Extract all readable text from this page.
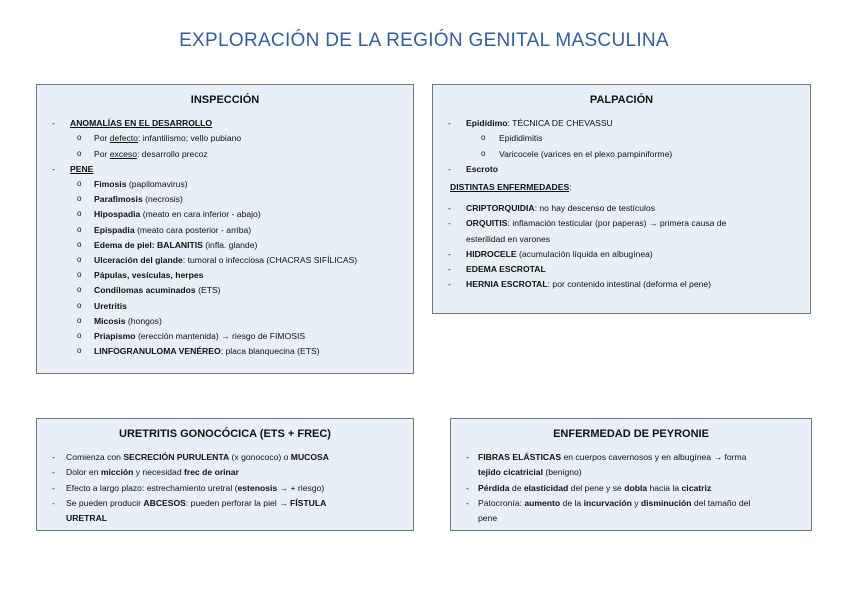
EXPLORACIÓN DE LA REGIÓN GENITAL MASCULINA
INSPECCIÓN
- ANOMALÍAS EN EL DESARROLLO
o Por defecto: infantilismo; vello pubiano
o Por exceso: desarrollo precoz
- PENE
o Fimosis (papilomavirus)
o Parafimosis (necrosis)
o Hipospadia (meato en cara inferior - abajo)
o Epispadia (meato cara posterior - arriba)
o Edema de piel: BALANITIS (infla. glande)
o Ulceración del glande: tumoral o infecciosa (CHACRAS SIFÍLICAS)
o Pápulas, vesículas, herpes
o Condilomas acuminados (ETS)
o Uretritis
o Micosis (hongos)
o Priapismo (erección mantenida) → riesgo de FIMOSIS
o LINFOGRANULOMA VENÉREO: placa blanquecina (ETS)
PALPACIÓN
- Epidídimo: TÉCNICA DE CHEVASSU
o Epididimitis
o Varicocele (varices en el plexo pampiniforme)
- Escroto
DISTINTAS ENFERMEDADES:
- CRIPTORQUIDIA: no hay descenso de testículos
- ORQUITIS: inflamación testicular (por paperas) → primera causa de
esterilidad en varones
- HIDROCELE (acumulación líquida en albugínea)
- EDEMA ESCROTAL
- HERNIA ESCROTAL: por contenido intestinal (deforma el pene)
URETRITIS GONOCÓCICA (ETS + FREC)
- Comienza con SECRECIÓN PURULENTA (x gonococo) o MUCOSA
- Dolor en micción y necesidad frec de orinar
- Efecto a largo plazo: estrechamiento uretral (estenosis → + riesgo)
- Se pueden producir ABCESOS: pueden perforar la piel → FÍSTULA
URETRAL
ENFERMEDAD DE PEYRONIE
- FIBRAS ELÁSTICAS en cuerpos cavernosos y en albugínea → forma
tejido cicatricial (benigno)
- Pérdida de elasticidad del pene y se dobla hacia la cicatriz
- Patocronía: aumento de la incurvación y disminución del tamaño del
pene
